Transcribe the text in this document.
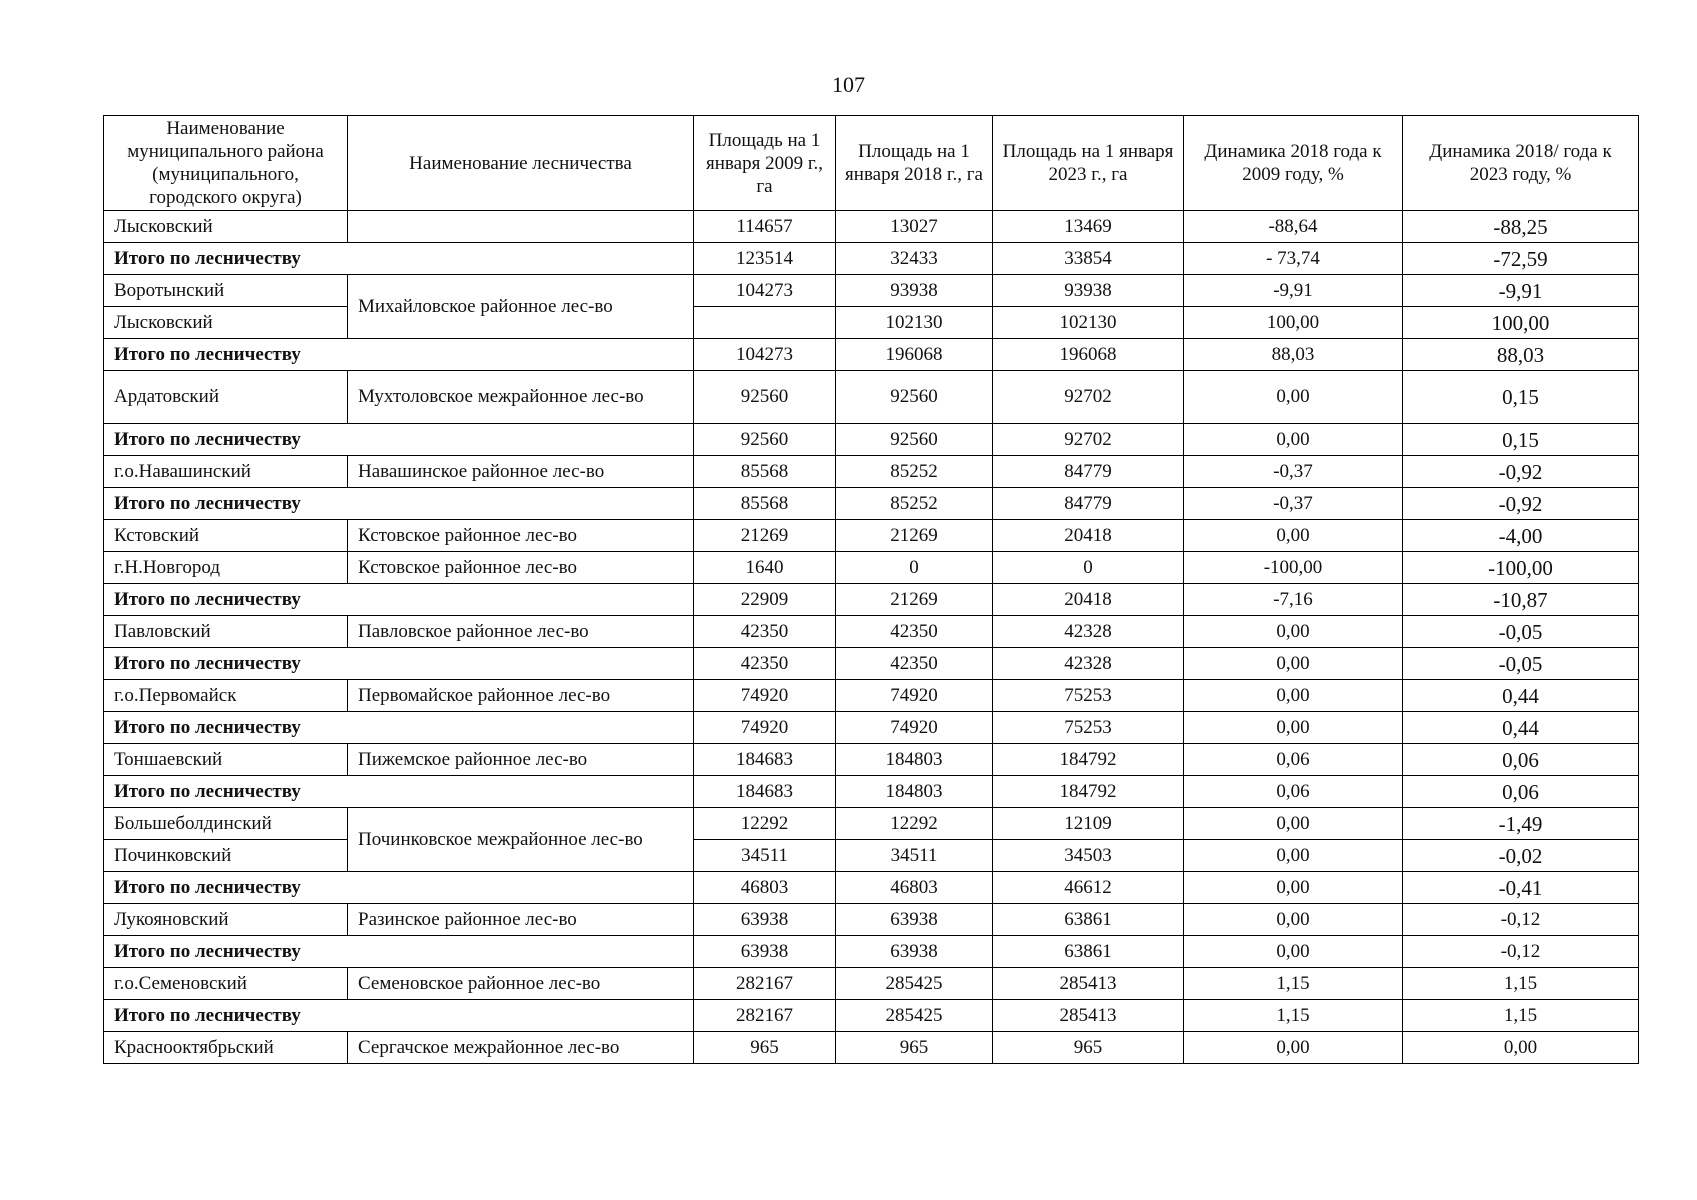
107
Наименование муниципального района (муниципального, городского округа)	Наименование лесничества	Площадь на 1 января 2009 г., га	Площадь на 1 января 2018 г., га	Площадь на 1 января 2023 г., га	Динамика 2018 года к 2009 году, %	Динамика 2018/ года к 2023 году, %
Лысковский		114657	13027	13469	-88,64	-88,25
Итого по лесничеству		123514	32433	33854	- 73,74	-72,59
Воротынский	Михайловское районное лес-во	104273	93938	93938	-9,91	-9,91
Лысковский			102130	102130	100,00	100,00
Итого по лесничеству		104273	196068	196068	88,03	88,03
Ардатовский	Мухтоловское межрайонное лес-во	92560	92560	92702	0,00	0,15
Итого по лесничеству		92560	92560	92702	0,00	0,15
г.о.Навашинский	Навашинское районное лес-во	85568	85252	84779	-0,37	-0,92
Итого по лесничеству		85568	85252	84779	-0,37	-0,92
Кстовский	Кстовское районное лес-во	21269	21269	20418	0,00	-4,00
г.Н.Новгород	Кстовское районное лес-во	1640	0	0	-100,00	-100,00
Итого по лесничеству		22909	21269	20418	-7,16	-10,87
Павловский	Павловское районное лес-во	42350	42350	42328	0,00	-0,05
Итого по лесничеству		42350	42350	42328	0,00	-0,05
г.о.Первомайск	Первомайское районное лес-во	74920	74920	75253	0,00	0,44
Итого по лесничеству		74920	74920	75253	0,00	0,44
Тоншаевский	Пижемское районное лес-во	184683	184803	184792	0,06	0,06
Итого по лесничеству		184683	184803	184792	0,06	0,06
Большеболдинский	Починковское межрайонное лес-во	12292	12292	12109	0,00	-1,49
Починковский		34511	34511	34503	0,00	-0,02
Итого по лесничеству		46803	46803	46612	0,00	-0,41
Лукояновский	Разинское районное лес-во	63938	63938	63861	0,00	-0,12
Итого по лесничеству		63938	63938	63861	0,00	-0,12
г.о.Семеновский	Семеновское районное лес-во	282167	285425	285413	1,15	1,15
Итого по лесничеству		282167	285425	285413	1,15	1,15
Краснооктябрьский	Сергачское межрайонное лес-во	965	965	965	0,00	0,00
